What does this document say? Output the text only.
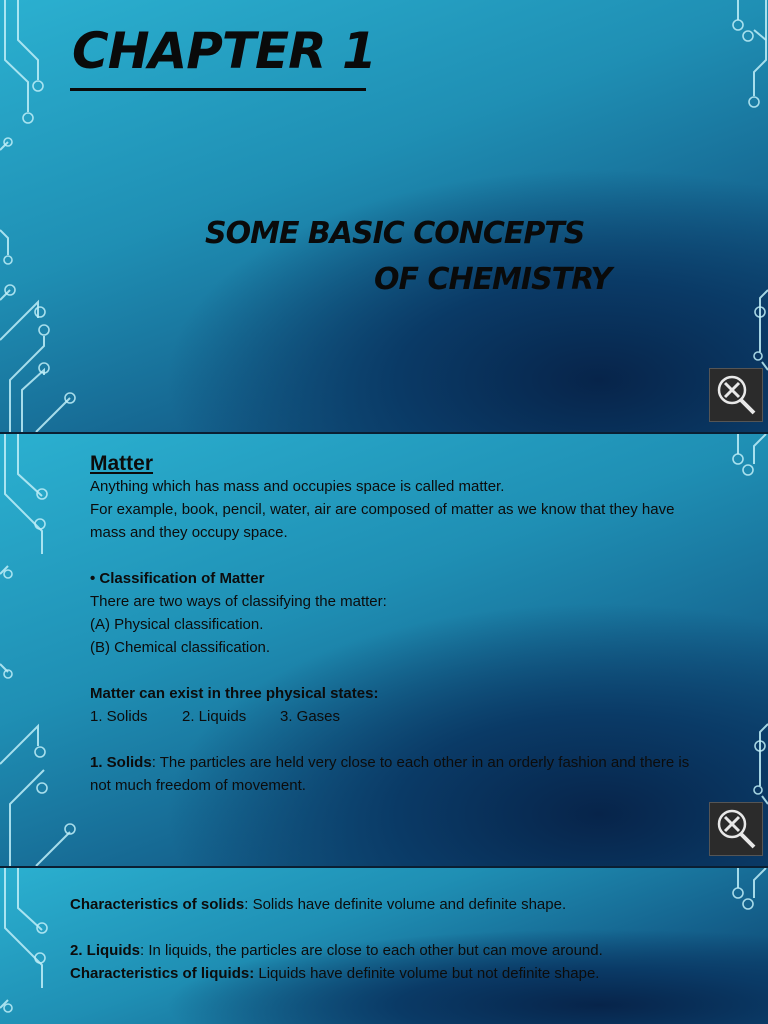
CHAPTER 1
SOME BASIC CONCEPTS
OF CHEMISTRY

Matter

Anything which has mass and occupies space is called matter.

For example, book, pencil, water, air are composed of matter as we know that they have mass and they occupy space.

• Classification of Matter

There are two ways of classifying the matter:

(A) Physical classification.

(B) Chemical classification.

Matter can exist in three physical states:

1. Solids 2. Liquids 3. Gases

1. Solids: The particles are held very close to each other in an orderly fashion and there is not much freedom of movement.

Characteristics of solids: Solids have definite volume and definite shape.

2. Liquids: In liquids, the particles are close to each other but can move around.

Characteristics of liquids: Liquids have definite volume but not definite shape.
